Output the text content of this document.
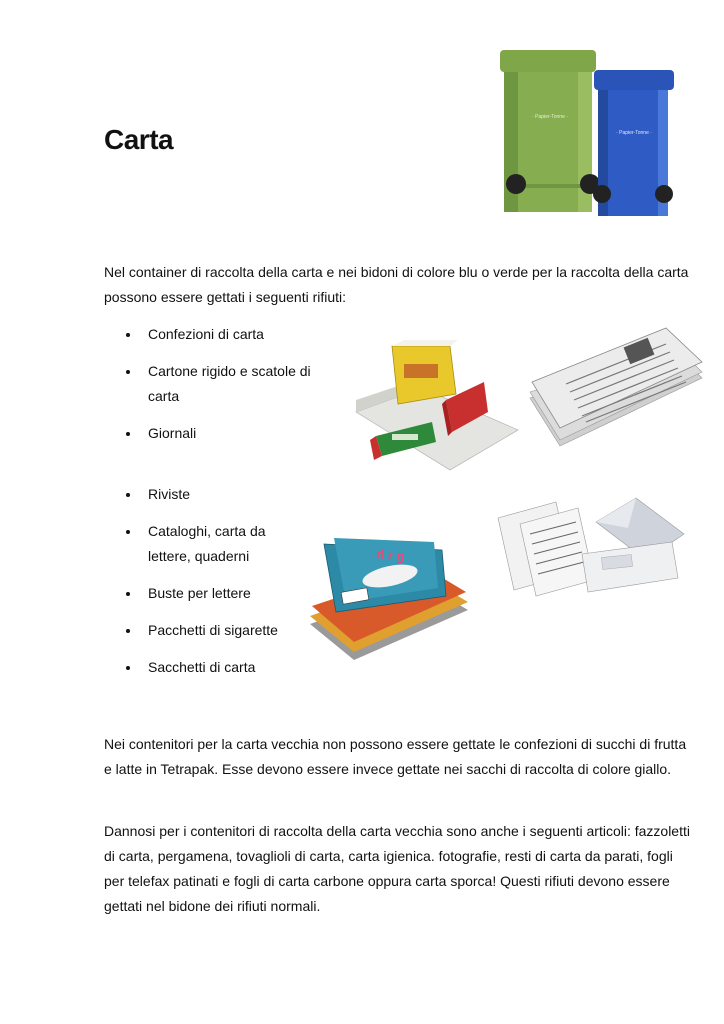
· Papier-Tonne ·
· Papier-Tonne ·
Carta

Nel container di raccolta della carta e nei bidoni di colore blu o verde per la raccolta della carta possono essere gettati i seguenti rifiuti:

Confezioni di carta
Cartone rigido e scatole di carta
Giornali
Riviste
Cataloghi, carta da lettere, quaderni
Buste per lettere
Pacchetti di sigarette
Sacchetti di carta
d r g

Nei contenitori per la carta vecchia non possono essere gettate le confezioni di succhi di frutta e latte in Tetrapak. Esse devono essere invece gettate nei sacchi di raccolta di colore giallo.

Dannosi per i contenitori di raccolta della carta vecchia sono anche i seguenti articoli: fazzoletti di carta, pergamena, tovaglioli di carta, carta igienica. fotografie, resti di carta da parati, fogli per telefax patinati e fogli di carta carbone oppura carta sporca! Questi rifiuti devono essere gettati nel bidone dei rifiuti normali.
